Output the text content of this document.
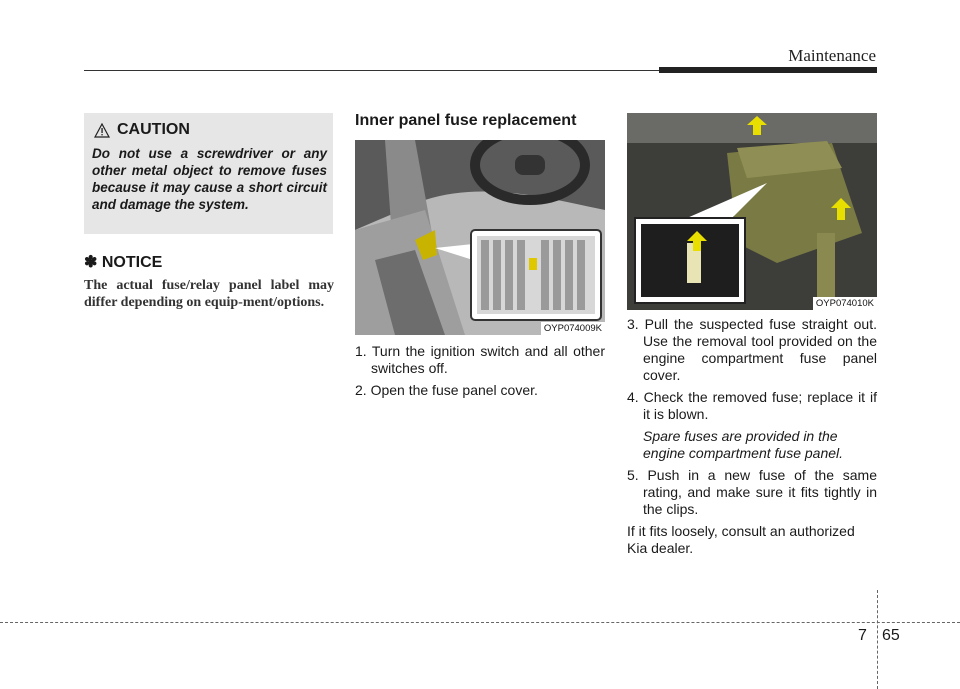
Maintenance
CAUTION
Do not use a screwdriver or any other metal object to remove fuses because it may cause a short circuit and damage the system.
✽ NOTICE
The actual fuse/relay panel label may differ depending on equip-ment/options.
Inner panel fuse replacement
OYP074009K
OYP074010K

1. Turn the ignition switch and all other switches off.

2. Open the fuse panel cover.

3. Pull the suspected fuse straight out. Use the removal tool provided on the engine compartment fuse panel cover.

4. Check the removed fuse; replace it if it is blown.

Spare fuses are provided in the engine compartment fuse panel.

5. Push in a new fuse of the same rating, and make sure it fits tightly in the clips.

If it fits loosely, consult an authorized Kia dealer.

7 65
